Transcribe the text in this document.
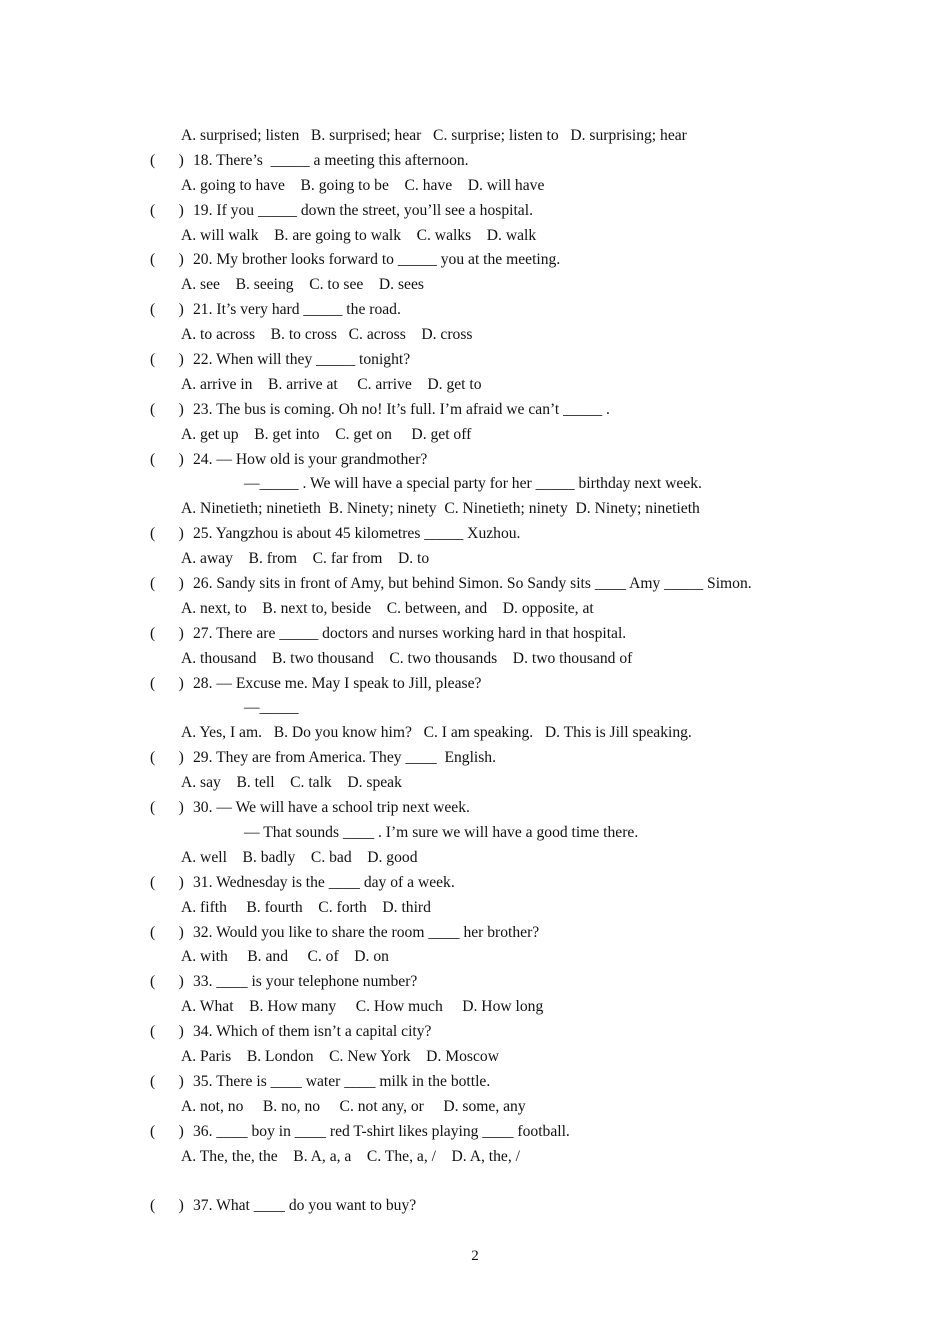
A. surprised; listen   B. surprised; hear   C. surprise; listen to   D. surprising; hear
(      ) 18. There’s  _____ a meeting this afternoon.
A. going to have    B. going to be    C. have    D. will have
(      ) 19. If you _____ down the street, you’ll see a hospital.
A. will walk    B. are going to walk    C. walks    D. walk
(      ) 20. My brother looks forward to _____ you at the meeting.
A. see    B. seeing    C. to see    D. sees
(      ) 21. It’s very hard _____ the road.
A. to across    B. to cross   C. across    D. cross
(      ) 22. When will they _____ tonight?
A. arrive in    B. arrive at     C. arrive    D. get to
(      ) 23. The bus is coming. Oh no! It’s full. I’m afraid we can’t _____ .
A. get up    B. get into    C. get on     D. get off
(      ) 24. — How old is your grandmother?
—_____ . We will have a special party for her _____ birthday next week.
A. Ninetieth; ninetieth  B. Ninety; ninety  C. Ninetieth; ninety  D. Ninety; ninetieth
(      ) 25. Yangzhou is about 45 kilometres _____ Xuzhou.
A. away    B. from    C. far from    D. to
(      ) 26. Sandy sits in front of Amy, but behind Simon. So Sandy sits ____ Amy _____ Simon.
A. next, to    B. next to, beside    C. between, and    D. opposite, at
(      ) 27. There are _____ doctors and nurses working hard in that hospital.
A. thousand    B. two thousand    C. two thousands    D. two thousand of
(      ) 28. — Excuse me. May I speak to Jill, please?
—_____
A. Yes, I am.   B. Do you know him?   C. I am speaking.   D. This is Jill speaking.
(      ) 29. They are from America. They ____  English.
A. say    B. tell    C. talk    D. speak
(      ) 30. — We will have a school trip next week.
— That sounds ____ . I’m sure we will have a good time there.
A. well    B. badly    C. bad    D. good
(      ) 31. Wednesday is the ____ day of a week.
A. fifth     B. fourth    C. forth    D. third
(      ) 32. Would you like to share the room ____ her brother?
A. with     B. and     C. of    D. on
(      ) 33. ____ is your telephone number?
A. What    B. How many     C. How much     D. How long
(      ) 34. Which of them isn’t a capital city?
A. Paris    B. London    C. New York    D. Moscow
(      ) 35. There is ____ water ____ milk in the bottle.
A. not, no     B. no, no     C. not any, or     D. some, any
(      ) 36. ____ boy in ____ red T-shirt likes playing ____ football.
A. The, the, the    B. A, a, a    C. The, a, /    D. A, the, /
(      ) 37. What ____ do you want to buy?
2
